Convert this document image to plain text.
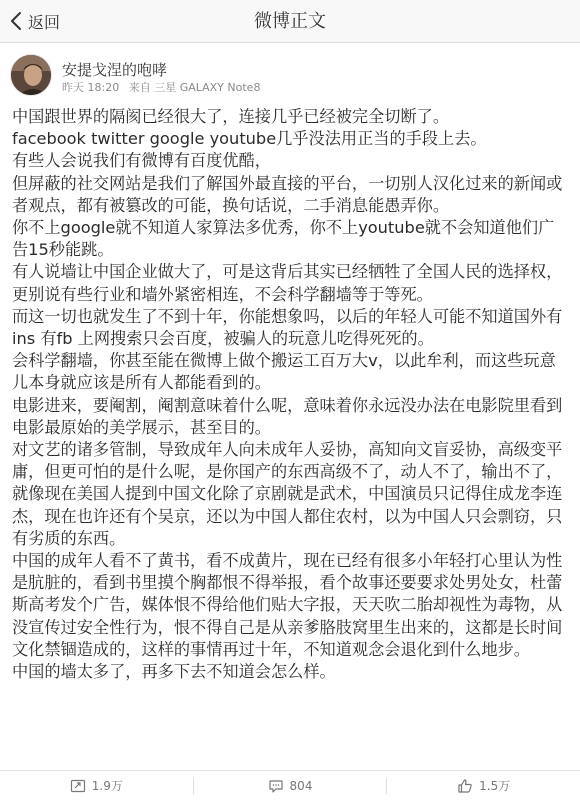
返回	微博正文
安提戈涅的咆哮
昨天 18:20 来自 三星 GALAXY Note8

中国跟世界的隔阂已经很大了，连接几乎已经被完全切断了。

facebook twitter google youtube几乎没法用正当的手段上去。

有些人会说我们有微博有百度优酷，

但屏蔽的社交网站是我们了解国外最直接的平台，一切别人汉化过来的新闻或者观点，都有被篡改的可能，换句话说，二手消息能愚弄你。

你不上google就不知道人家算法多优秀，你不上youtube就不会知道他们广告15秒能跳。

有人说墙让中国企业做大了，可是这背后其实已经牺牲了全国人民的选择权，更别说有些行业和墙外紧密相连，不会科学翻墙等于等死。

而这一切也就发生了不到十年，你能想象吗，以后的年轻人可能不知道国外有ins 有fb 上网搜索只会百度，被骗人的玩意儿吃得死死的。

会科学翻墙，你甚至能在微博上做个搬运工百万大v，以此牟利，而这些玩意儿本身就应该是所有人都能看到的。

电影进来，要阉割，阉割意味着什么呢，意味着你永远没办法在电影院里看到电影最原始的美学展示，甚至目的。

对文艺的诸多管制，导致成年人向未成年人妥协，高知向文盲妥协，高级变平庸，但更可怕的是什么呢，是你国产的东西高级不了，动人不了，输出不了，就像现在美国人提到中国文化除了京剧就是武术，中国演员只记得住成龙李连杰，现在也许还有个吴京，还以为中国人都住农村，以为中国人只会剽窃，只有劣质的东西。

中国的成年人看不了黄书，看不成黄片，现在已经有很多小年轻打心里认为性是肮脏的，看到书里摸个胸都恨不得举报，看个故事还要要求处男处女，杜蕾斯高考发个广告，媒体恨不得给他们贴大字报，天天吹二胎却视性为毒物，从没宣传过安全性行为，恨不得自己是从亲爹胳肢窝里生出来的，这都是长时间文化禁锢造成的，这样的事情再过十年，不知道观念会退化到什么地步。

中国的墙太多了，再多下去不知道会怎么样。

1.9万	804	1.5万
